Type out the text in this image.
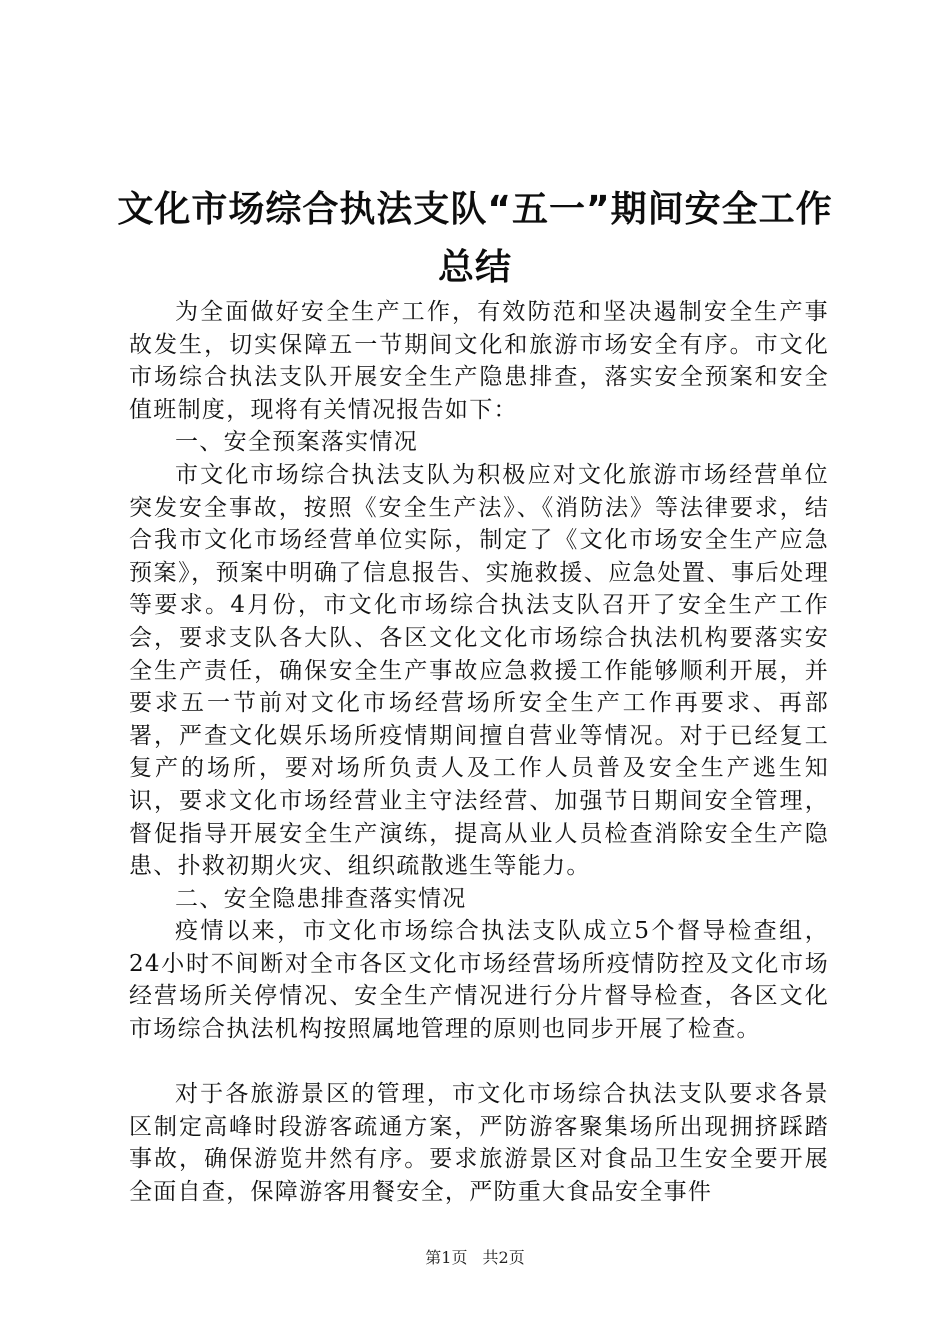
文化市场综合执法支队“五一”期间安全工作
总结

为全面做好安全生产工作，有效防范和坚决遏制安全生产事故发生，切实保障五一节期间文化和旅游市场安全有序。市文化市场综合执法支队开展安全生产隐患排查，落实安全预案和安全值班制度，现将有关情况报告如下：

一、安全预案落实情况

市文化市场综合执法支队为积极应对文化旅游市场经营单位突发安全事故，按照《安全生产法》、《消防法》等法律要求，结合我市文化市场经营单位实际，制定了《文化市场安全生产应急预案》，预案中明确了信息报告、实施救援、应急处置、事后处理等要求。4月份，市文化市场综合执法支队召开了安全生产工作会，要求支队各大队、各区文化文化市场综合执法机构要落实安全生产责任，确保安全生产事故应急救援工作能够顺利开展，并要求五一节前对文化市场经营场所安全生产工作再要求、再部署，严查文化娱乐场所疫情期间擅自营业等情况。对于已经复工复产的场所，要对场所负责人及工作人员普及安全生产逃生知识，要求文化市场经营业主守法经营、加强节日期间安全管理，督促指导开展安全生产演练，提高从业人员检查消除安全生产隐患、扑救初期火灾、组织疏散逃生等能力。

二、安全隐患排查落实情况

疫情以来，市文化市场综合执法支队成立5个督导检查组，24小时不间断对全市各区文化市场经营场所疫情防控及文化市场经营场所关停情况、安全生产情况进行分片督导检查，各区文化市场综合执法机构按照属地管理的原则也同步开展了检查。

对于各旅游景区的管理，市文化市场综合执法支队要求各景区制定高峰时段游客疏通方案，严防游客聚集场所出现拥挤踩踏事故，确保游览井然有序。要求旅游景区对食品卫生安全要开展全面自查，保障游客用餐安全，严防重大食品安全事件

第1页 共2页
